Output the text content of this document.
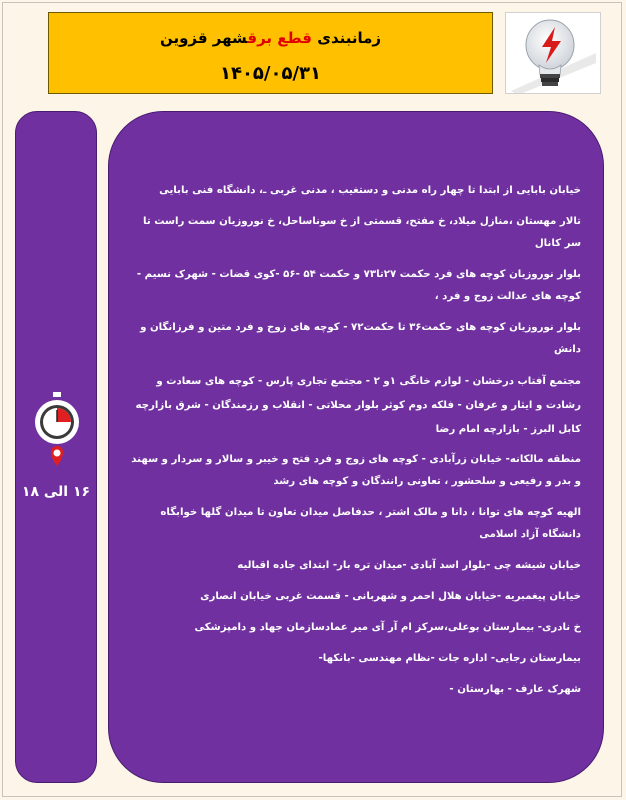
زمانبندی قطع برقشهر قزوین
۱۴۰۵/۰۵/۳۱
۱۶ الی ۱۸
خیابان بابایی از ابتدا تا چهار راه مدنی و دستغیب ، مدنی غربی ـ، دانشگاه فنی بابایی
تالار مهستان ،منازل میلاد، خ مفتح، قسمتی از خ سوناساحل، خ نوروزیان سمت راست تا سر کانال
بلوار نوروزیان کوچه های فرد حکمت ۲۷تا۷۳ و حکمت ۵۴ -۵۶ -کوی قضات - شهرک نسیم - کوچه های عدالت زوج و فرد ،
بلوار نوروزیان کوچه های حکمت۳۶ تا حکمت۷۲ - کوچه های زوج و فرد متین و فرزانگان و دانش
مجتمع آفتاب درخشان - لوازم خانگی ۱و ۲ - مجتمع تجاری پارس - کوچه های سعادت و رشادت و ایثار و عرفان - فلکه دوم کوثر بلوار محلاتی - انقلاب و رزمندگان - شرق بازارچه کابل البرز - بازارچه امام رضا
منطقه مالکانه- خیابان زرآبادی - کوچه های زوج و فرد فتح و خیبر و سالار و سردار و سهند و بدر و رفیعی و سلحشور ، تعاونی رانندگان و کوچه های رشد
الهیه کوچه های توانا ، دانا و مالک اشتر ، حدفاصل میدان تعاون تا میدان گلها خوابگاه دانشگاه آزاد اسلامی
خیابان شیشه چی -بلوار اسد آبادی -میدان تره بار- ابتدای جاده اقبالیه
خیابان پیغمبریه -خیابان هلال احمر و شهربانی - قسمت غربی خیابان انصاری
خ نادری- بیمارستان بوعلی،سرکز ام آر آی میر عمادسازمان جهاد و دامپزشکی
بیمارستان رجایی- اداره جات -نظام مهندسی -بانکها-
شهرک عارف - بهارستان -
